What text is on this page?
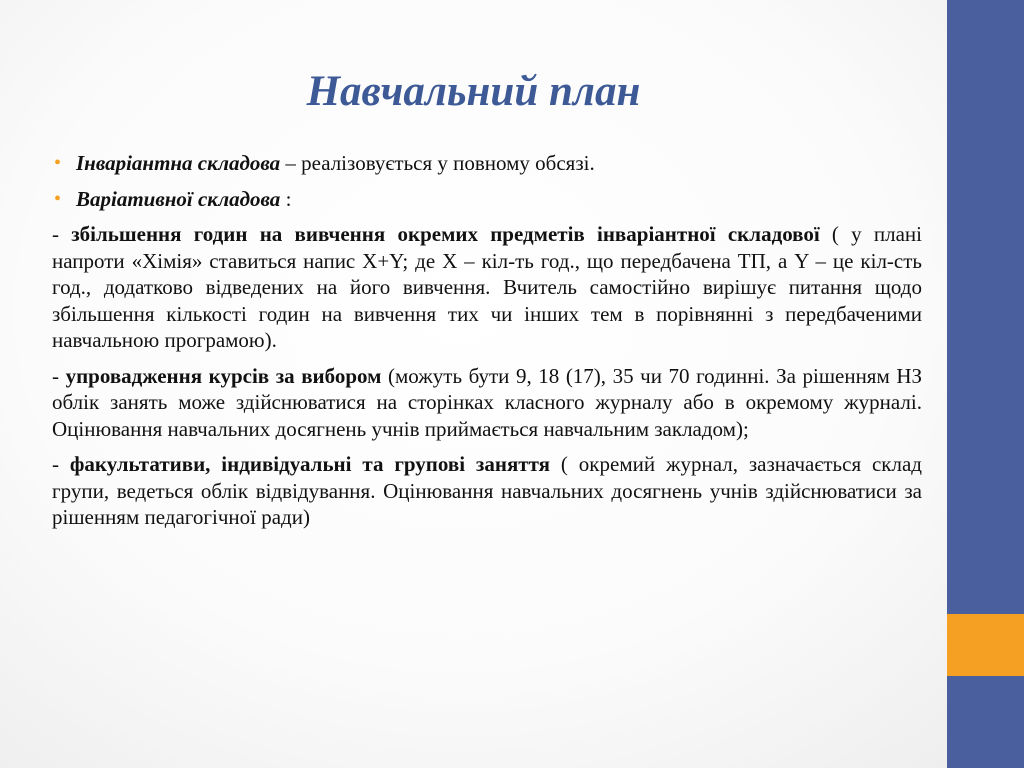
Навчальний план
• Інваріантна складова – реалізовується у повному обсязі.
• Варіативної складова :
- збільшення годин на вивчення окремих предметів інваріантної складової ( у плані напроти «Хімія» ставиться напис X+Y; де X – кіл-ть год., що передбачена ТП, а Y – це кіл-сть год., додатково відведених на його вивчення. Вчитель самостійно вирішує питання щодо збільшення кількості годин на вивчення тих чи інших тем в порівнянні з передбаченими навчальною програмою).
- упровадження курсів за вибором (можуть бути 9, 18 (17), 35 чи 70 годинні. За рішенням НЗ облік занять може здійснюватися на сторінках класного журналу або в окремому журналі. Оцінювання навчальних досягнень учнів приймається навчальним закладом);
- факультативи, індивідуальні та групові заняття ( окремий журнал, зазначається склад групи, ведеться облік відвідування. Оцінювання навчальних досягнень учнів здійснюватиси за рішенням педагогічної ради)
